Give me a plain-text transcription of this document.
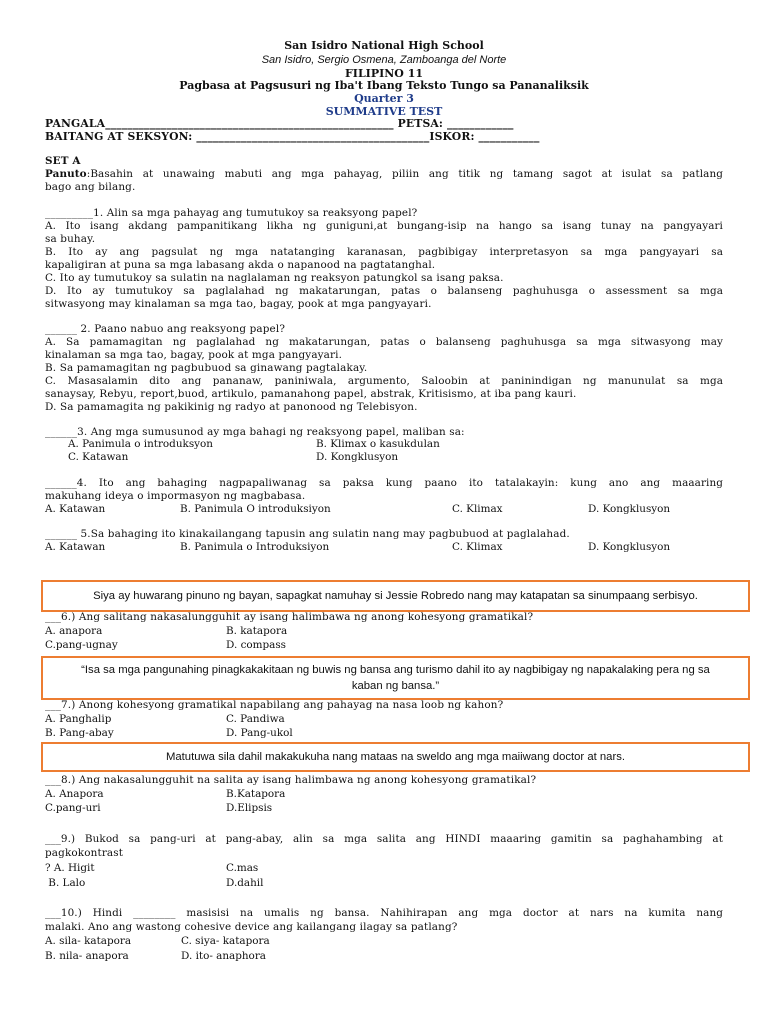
San Isidro National High School
San Isidro, Sergio Osmena, Zamboanga del Norte
FILIPINO 11
Pagbasa at Pagsusuri ng Iba't Ibang Teksto Tungo sa Pananaliksik
Quarter 3
SUMMATIVE TEST
PANGALA____________________________________________________ PETSA: ____________
BAITANG AT SEKSYON: __________________________________________ISKOR: ___________
SET A
Panuto:Basahin at unawaing mabuti ang mga pahayag, piliin ang titik ng tamang sagot at isulat sa patlang
bago ang bilang.
_________1. Alin sa mga pahayag ang tumutukoy sa reaksyong papel?
A. Ito isang akdang pampanitikang likha ng guniguni,at bungang-isip na hango sa isang tunay na pangyayari
sa buhay.
B. Ito ay ang pagsulat ng mga natatanging karanasan, pagbibigay interpretasyon sa mga pangyayari sa
kapaligiran at puna sa mga labasang akda o napanood na pagtatanghal.
C. Ito ay tumutukoy sa sulatin na naglalaman ng reaksyon patungkol sa isang paksa.
D. Ito ay tumutukoy sa paglalahad ng makatarungan, patas o balanseng paghuhusga o assessment sa mga
sitwasyong may kinalaman sa mga tao, bagay, pook at mga pangyayari.
______ 2. Paano nabuo ang reaksyong papel?
A. Sa pamamagitan ng paglalahad ng makatarungan, patas o balanseng paghuhusga sa mga sitwasyong may
kinalaman sa mga tao, bagay, pook at mga pangyayari.
B. Sa pamamagitan ng pagbubuod sa ginawang pagtalakay.
C. Masasalamin dito ang pananaw, paniniwala, argumento, Saloobin at paninindigan ng manunulat sa mga
sanaysay, Rebyu, report,buod, artikulo, pamanahong papel, abstrak, Kritisismo, at iba pang kauri.
D. Sa pamamagita ng pakikinig ng radyo at panonood ng Telebisyon.
______3. Ang mga sumusunod ay mga bahagi ng reaksyong papel, maliban sa:
A. Panimula o introduksyon	B. Klimax o kasukdulan
C. Katawan	D. Kongklusyon
______4. Ito ang bahaging nagpapaliwanag sa paksa kung paano ito tatalakayin: kung ano ang maaaring
makuhang ideya o impormasyon ng magbabasa.
A. Katawan	B. Panimula O introduksiyon	C. Klimax	D. Kongklusyon
______ 5.Sa bahaging ito kinakailangang tapusin ang sulatin nang may pagbubuod at paglalahad.
A. Katawan	B. Panimula o Introduksiyon	C. Klimax	D. Kongklusyon
Siya ay huwarang pinuno ng bayan, sapagkat namuhay si Jessie Robredo nang may katapatan sa sinumpaang serbisyo.
___6.) Ang salitang nakasalungguhit ay isang halimbawa ng anong kohesyong gramatikal?
A. anapora	B. katapora
C.pang-ugnay	D. compass
“Isa sa mga pangunahing pinagkakakitaan ng buwis ng bansa ang turismo dahil ito ay nagbibigay ng napakalaking pera ng sa kaban ng bansa.”
___7.) Anong kohesyong gramatikal napabilang ang pahayag na nasa loob ng kahon?
A. Panghalip	C. Pandiwa
B. Pang-abay	D. Pang-ukol
Matutuwa sila dahil makakukuha nang mataas na sweldo ang mga maiiwang doctor at nars.
___8.) Ang nakasalungguhit na salita ay isang halimbawa ng anong kohesyong gramatikal?
A. Anapora	B.Katapora
C.pang-uri	D.Elipsis
___9.) Bukod sa pang-uri at pang-abay, alin sa mga salita ang HINDI maaaring gamitin sa paghahambing at
pagkokontrast
? A. Higit	C.mas
B. Lalo	D.dahil
___10.) Hindi ________ masisisi na umalis ng bansa. Nahihirapan ang mga doctor at nars na kumita nang
malaki. Ano ang wastong cohesive device ang kailangang ilagay sa patlang?
A. sila- katapora	C. siya- katapora
B. nila- anapora	D. ito- anaphora
